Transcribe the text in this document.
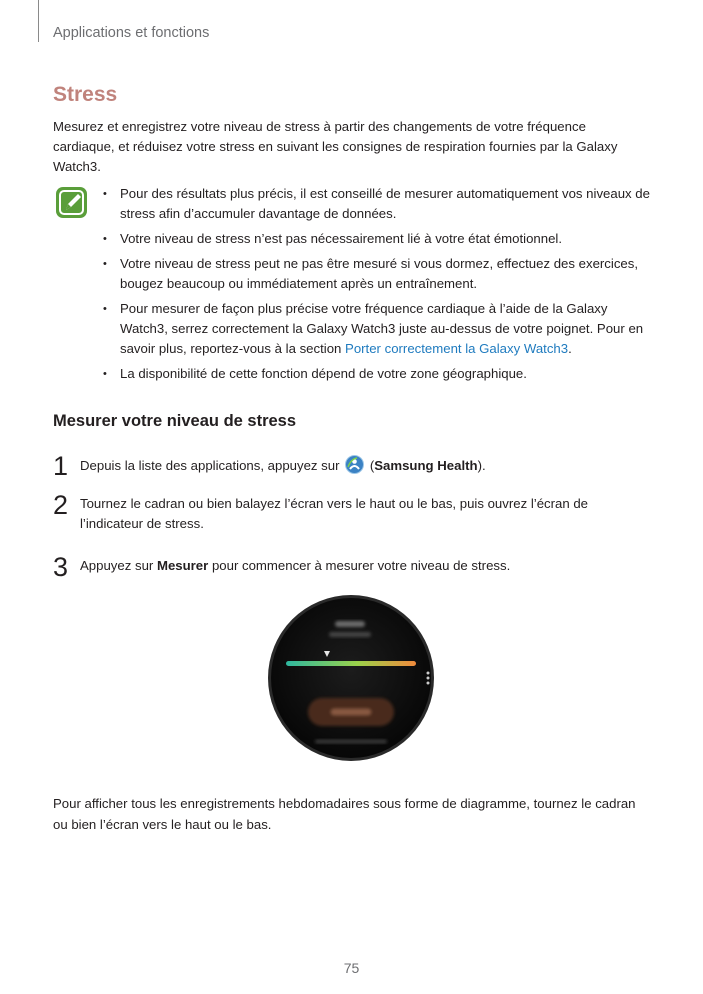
Applications et fonctions
Stress

Mesurez et enregistrez votre niveau de stress à partir des changements de votre fréquence cardiaque, et réduisez votre stress en suivant les consignes de respiration fournies par la Galaxy Watch3.

• Pour des résultats plus précis, il est conseillé de mesurer automatiquement vos niveaux de stress afin d’accumuler davantage de données.
• Votre niveau de stress n’est pas nécessairement lié à votre état émotionnel.
• Votre niveau de stress peut ne pas être mesuré si vous dormez, effectuez des exercices, bougez beaucoup ou immédiatement après un entraînement.
• Pour mesurer de façon plus précise votre fréquence cardiaque à l’aide de la Galaxy Watch3, serrez correctement la Galaxy Watch3 juste au-dessus de votre poignet. Pour en savoir plus, reportez-vous à la section Porter correctement la Galaxy Watch3.
• La disponibilité de cette fonction dépend de votre zone géographique.
Mesurer votre niveau de stress
1 Depuis la liste des applications, appuyez sur  (Samsung Health).

2 Tournez le cadran ou bien balayez l’écran vers le haut ou le bas, puis ouvrez l’écran de l’indicateur de stress.

3 Appuyez sur Mesurer pour commencer à mesurer votre niveau de stress.

Pour afficher tous les enregistrements hebdomadaires sous forme de diagramme, tournez le cadran ou bien l’écran vers le haut ou le bas.

75
